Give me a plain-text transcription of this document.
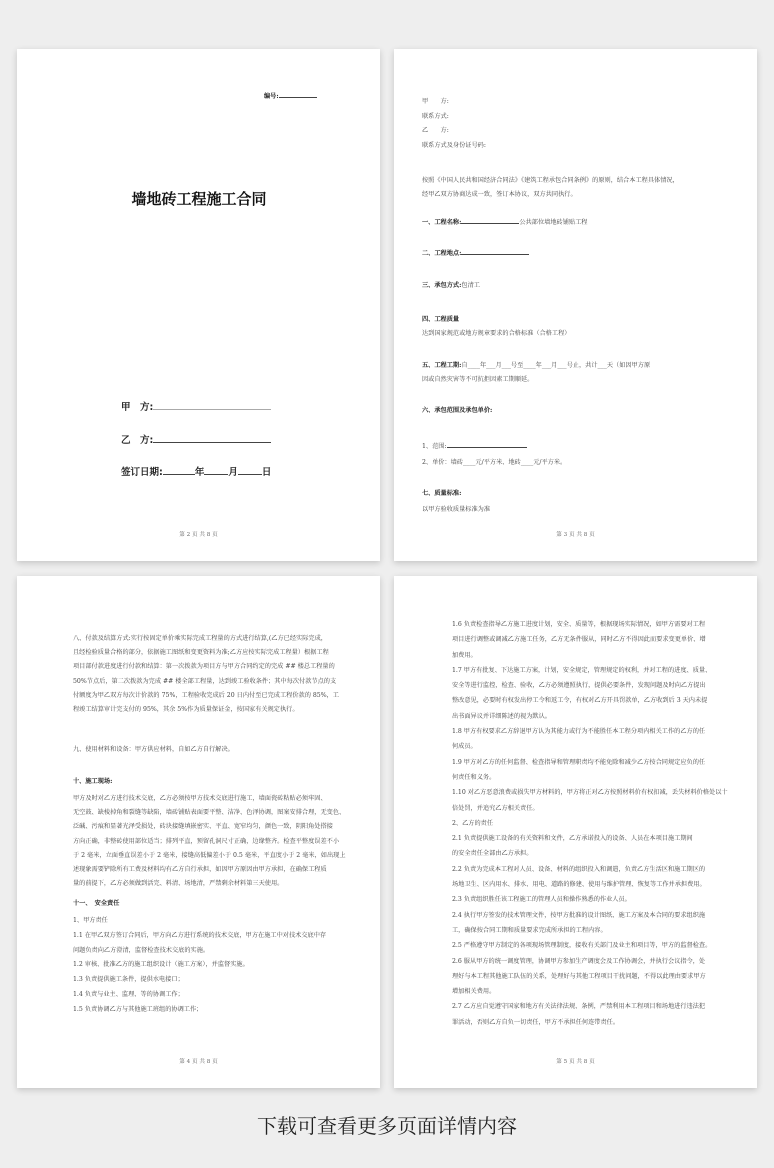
编号:
墙地砖工程施工合同
甲　方:
乙　方:
签订日期:	年	月	日
第 2 页 共 8 页
甲　　方:
联系方式:
乙　　方:
联系方式及身份证号码:
按照《中国人民共和国经济合同法》《建筑工程承包合同条例》的原则，结合本工程具体情况，
经甲乙双方协商达成一致，签订本协议，双方共同执行。
一、工程名称:	公共部位墙地砖铺贴工程
二、工程地点:
三、承包方式:包清工
四、工程质量
达到国家规范或地方规章要求的合格标准（合格工程）
五、工程工期:自____年___月___号至____年___月___号止，共计___天（如因甲方原
因或自然灾害等不可抗拒因素工期顺延。
六、承包范围及承包单价:
1、范围:
2、单价：墙砖____元/平方米、地砖____元/平方米。
七、质量标准:
以甲方验收质量标准为准
第 3 页 共 8 页
八、付款及结算方式:实行按固定单价乘实际完成工程量的方式进行结算,(乙方已经实际完成，
且经检验质量合格的部分，依据施工图纸和变更资料为准;乙方应按实际完成工程量）根据工程
项目部付款进度进行付款和结算：第一次拨款为项目方与甲方合同约定的完成 ## 楼总工程量的
50%节点后，第二次拨款为完成 ## 楼全部工程量，达到竣工验收条件；其中每次付款节点的支
付额度为甲乙双方每次计价款的 75%，工程验收完成后 20 日内付至已完成工程价款的 85%，工
程竣工结算审计完支付的 95%，其余 5%作为质量保证金，按国家有关规定执行。
九、使用材料和设备：甲方供应材料，自如乙方自行解决。
十、施工现场:
甲方及时对乙方进行技术交底，乙方必须按甲方技术交底进行施工，墙面瓷砖粘贴必须牢固、
无空鼓、缺棱掉角和裂缝等缺陷，墙砖铺贴表面要平整、洁净、色泽协调，图案安排合理，无变色、
泛碱、污痕和显著光泽受损处，砖块接缝填嵌密实、平直、宽窄均匀，颜色一致，阴阳角处搭接
方向正确，非整砖使用部位适当；排列平直，预留孔洞尺寸正确，边缘整齐。检查平整度误差不小
于 2 毫米，立面垂直误差小于 2 毫米，接缝高低偏差小于 0.5 毫米，平直度小于 2 毫米，如出现上
述现象需要铲除所有工费及材料均有乙方自行承担，如因甲方原因由甲方承担，在确保工程质
量的前提下，乙方必须做到活完、料清、场地清，严禁剩余材料第三天使用。
十一、　安全责任
1、甲方责任
1.1 在甲乙双方签订合同后，甲方向乙方进行系统的技术交底，甲方在施工中对技术交底中存
问题负责向乙方澄清，监督检查技术交底的实施。
1.2 审核、批准乙方的施工组织设计（施工方案），并监督实施。
1.3 负责提供施工条件，提供水电接口；
1.4 负责与业主、监理、等的协调工作；
1.5 负责协调乙方与其他施工班组的协调工作；
第 4 页 共 8 页
1.6 负责检查指导乙方施工进度计划，安全、质量等，根据现场实际情况，如甲方需要对工程
项目进行调整或调减乙方施工任务，乙方无条件服从，同时乙方不得因此而要求变更单价、增
加费用。
1.7 甲方有批复、下达施工方案，计划，安全规定，管理规定的权利，并对工程的进度、质量、
安全等进行监控，检查、验收，乙方必须遵照执行，提供必要条件，发现问题及时向乙方提出
整改意见，必要时有权发出停工令和返工令，有权对乙方开具罚款单，乙方收到后 3 天内未提
出书面异议并详细陈述的视为默认。
1.8 甲方有权要求乙方辞退甲方认为其能力或行为不能胜任本工程分项内相关工作的乙方的任
何成员。
1.9 甲方对乙方的任何监督、检查指导和管理职责均不能免除和减少乙方按合同规定应负的任
何责任和义务。
1.10 对乙方恶意浪费或损失甲方材料的，甲方将正对乙方按照材料价有权扣减，丢失材料价格处以十
倍处罚，并追究乙方相关责任。
2、乙方的责任
2.1 负责提供施工设备的有关资料和文件，乙方承诺投入的设备、人员在本项目施工期间
的安全责任全部由乙方承担。
2.2 负责为完成本工程对人员、设备、材料的组织投入和调遣，负责乙方生活区和施工期区的
场地卫生、区内用水、排水、用电、道路的修建、使用与维护管理、恢复等工作并承担费用。
2.3 负责组织胜任该工程施工的管理人员和操作熟悉的作业人员。
2.4 执行甲方签发的技术管理文件，按甲方批准的设计图纸、施工方案及本合同的要求组织施
工，确保按合同工期和质量要求完成所承担的工程内容。
2.5 严格遵守甲方制定的各项现场管理制度，接收有关部门及业主和项目等，甲方的监督检查。
2.6 服从甲方的统一调度管理，协调甲方参加生产调度会及工作协调会，并执行会议指令，处
理好与本工程其他施工队伍的关系，处理好与其他工程项目干扰问题，不得以此理由要求甲方
增加相关费用。
2.7 乙方应自觉遵守国家和地方有关法律法规、条例，严禁利用本工程项目和场地进行违法犯
罪活动，否则乙方自负一切责任，甲方不承担任何连带责任。
第 5 页 共 8 页
下载可查看更多页面详情内容
